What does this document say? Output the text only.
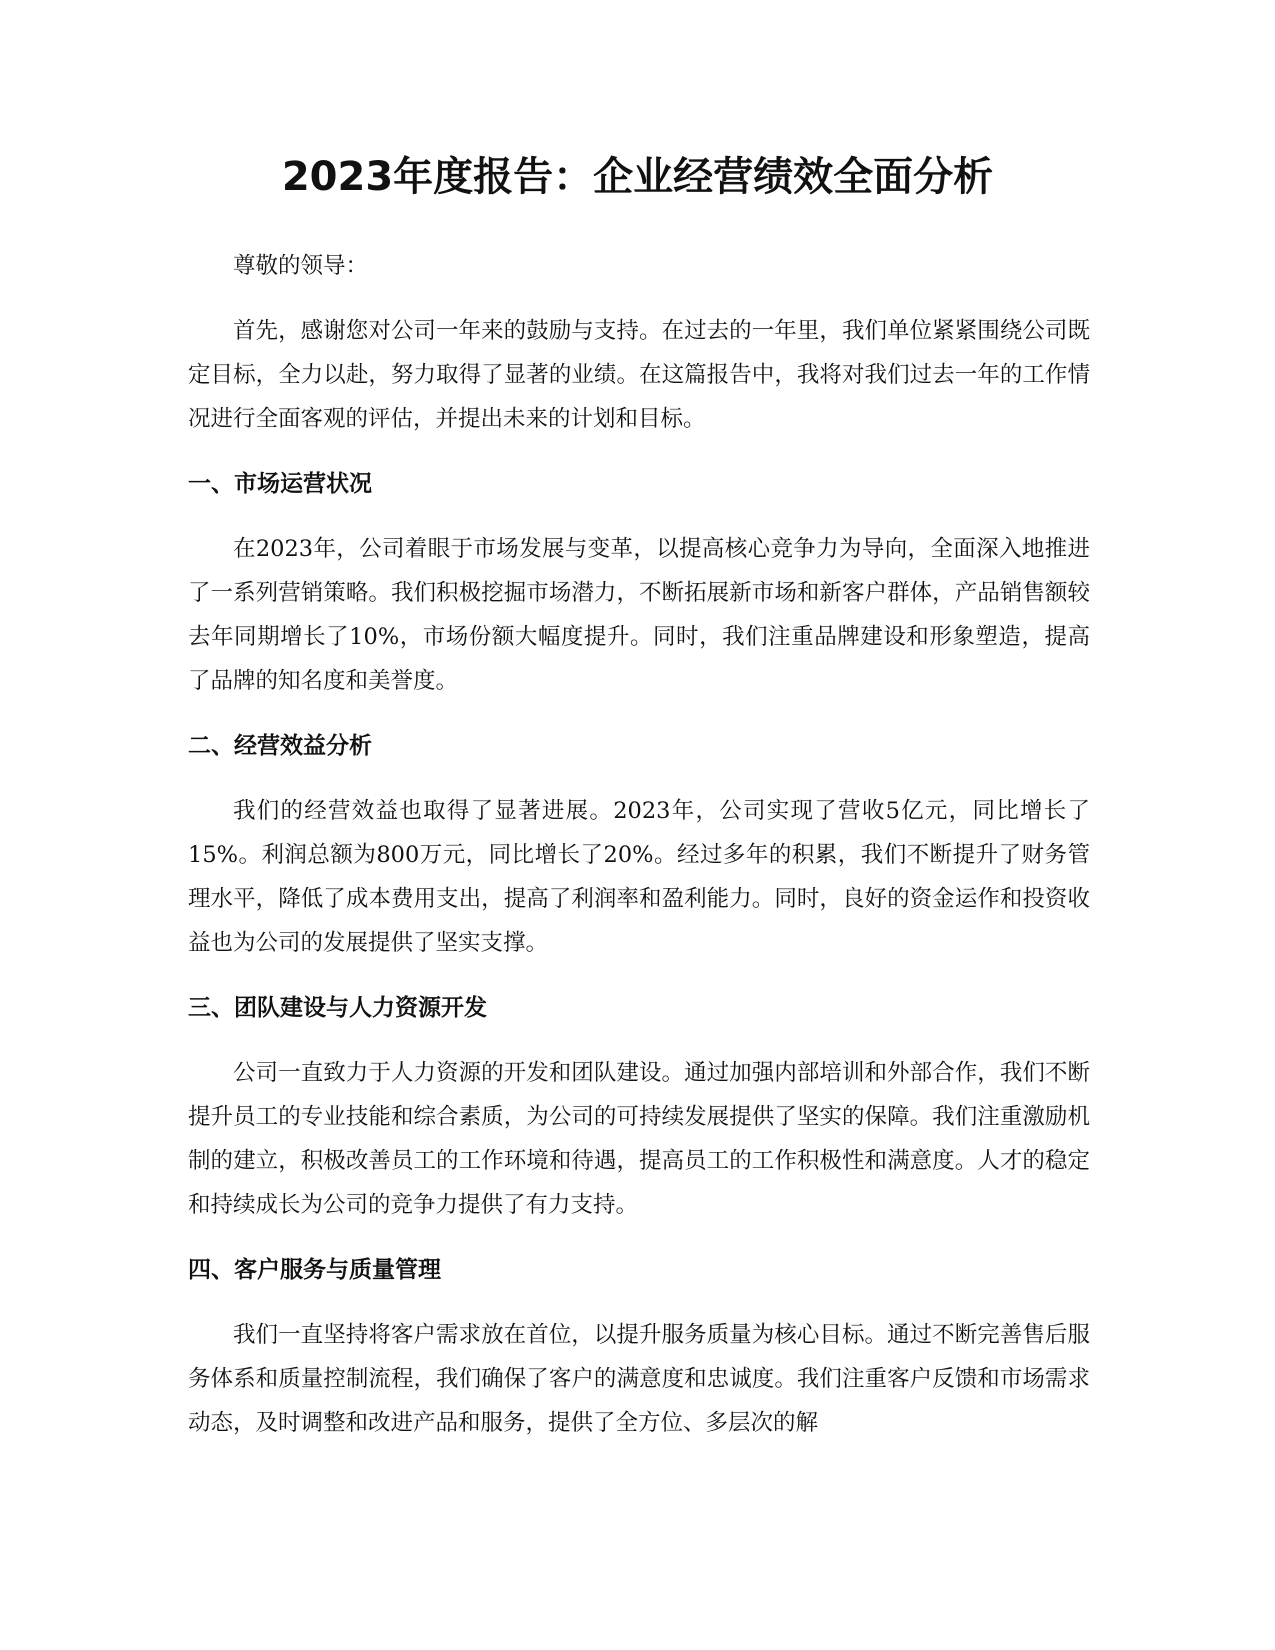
2023年度报告：企业经营绩效全面分析

尊敬的领导：

首先，感谢您对公司一年来的鼓励与支持。在过去的一年里，我们单位紧紧围绕公司既定目标，全力以赴，努力取得了显著的业绩。在这篇报告中，我将对我们过去一年的工作情况进行全面客观的评估，并提出未来的计划和目标。

一、市场运营状况

在2023年，公司着眼于市场发展与变革，以提高核心竞争力为导向，全面深入地推进了一系列营销策略。我们积极挖掘市场潜力，不断拓展新市场和新客户群体，产品销售额较去年同期增长了10%，市场份额大幅度提升。同时，我们注重品牌建设和形象塑造，提高了品牌的知名度和美誉度。

二、经营效益分析

我们的经营效益也取得了显著进展。2023年，公司实现了营收5亿元，同比增长了15%。利润总额为800万元，同比增长了20%。经过多年的积累，我们不断提升了财务管理水平，降低了成本费用支出，提高了利润率和盈利能力。同时，良好的资金运作和投资收益也为公司的发展提供了坚实支撑。

三、团队建设与人力资源开发

公司一直致力于人力资源的开发和团队建设。通过加强内部培训和外部合作，我们不断提升员工的专业技能和综合素质，为公司的可持续发展提供了坚实的保障。我们注重激励机制的建立，积极改善员工的工作环境和待遇，提高员工的工作积极性和满意度。人才的稳定和持续成长为公司的竞争力提供了有力支持。

四、客户服务与质量管理

我们一直坚持将客户需求放在首位，以提升服务质量为核心目标。通过不断完善售后服务体系和质量控制流程，我们确保了客户的满意度和忠诚度。我们注重客户反馈和市场需求动态，及时调整和改进产品和服务，提供了全方位、多层次的解
